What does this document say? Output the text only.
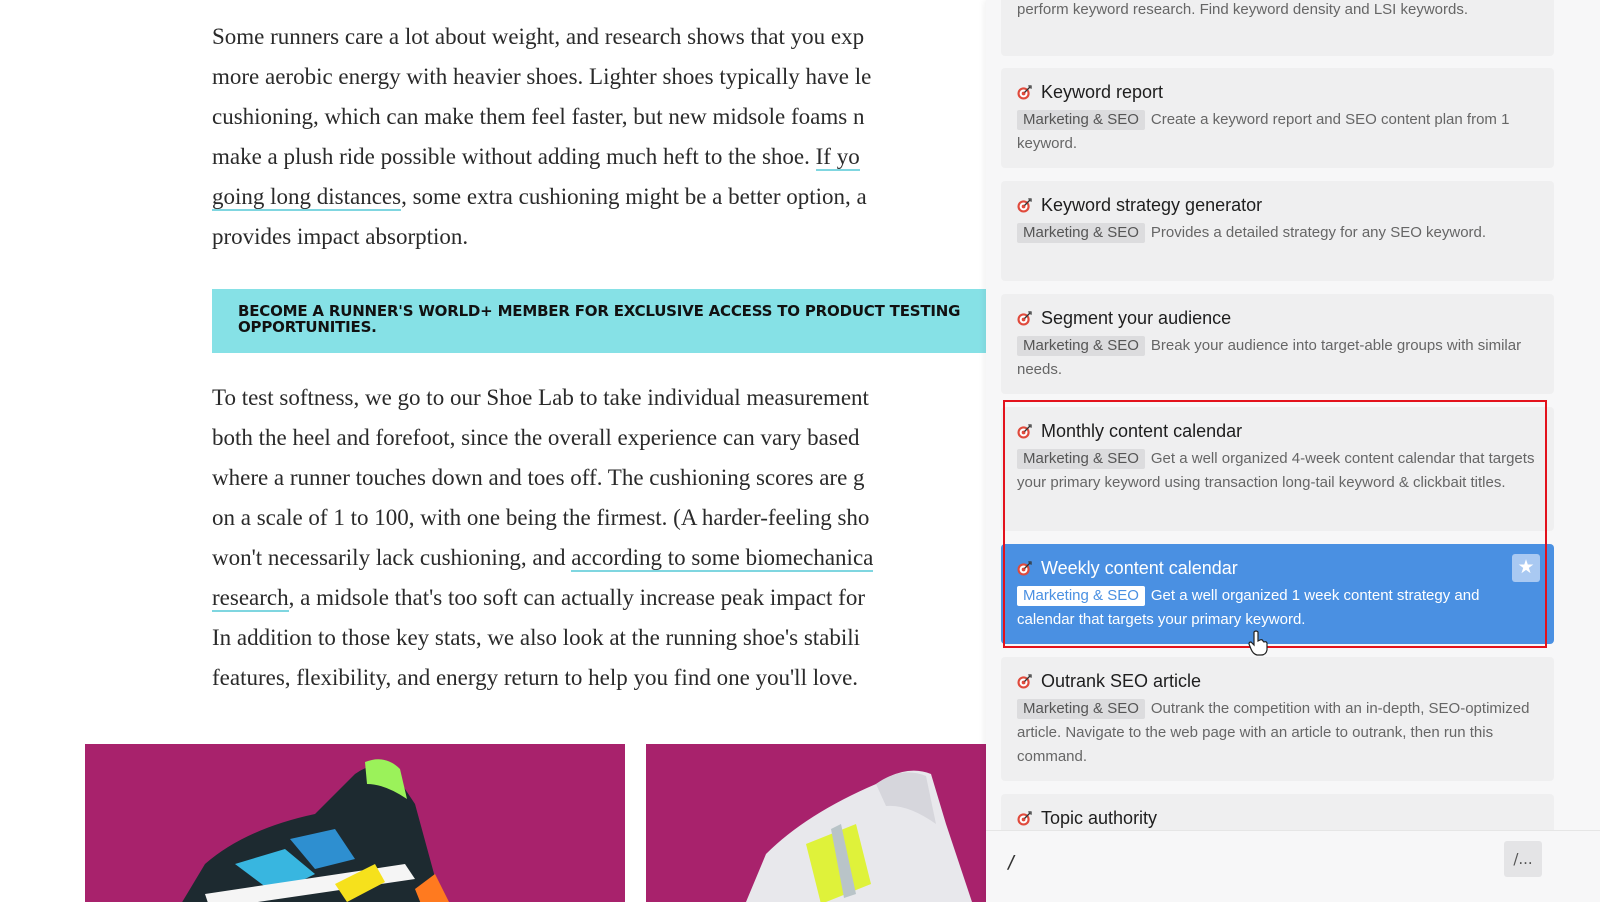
Some runners care a lot about weight, and research shows that you exp
more aerobic energy with heavier shoes. Lighter shoes typically have le
cushioning, which can make them feel faster, but new midsole foams n
make a plush ride possible without adding much heft to the shoe. If yo
going long distances, some extra cushioning might be a better option, a
provides impact absorption.

BECOME A RUNNER'S WORLD+ MEMBER FOR EXCLUSIVE ACCESS TO PRODUCT TESTING OPPORTUNITIES.

To test softness, we go to our Shoe Lab to take individual measurement
both the heel and forefoot, since the overall experience can vary based
where a runner touches down and toes off. The cushioning scores are g
on a scale of 1 to 100, with one being the firmest. (A harder-feeling sho
won't necessarily lack cushioning, and according to some biomechanica
research, a midsole that's too soft can actually increase peak impact for
In addition to those key stats, we also look at the running shoe's stabili
features, flexibility, and energy return to help you find one you'll love.

perform keyword research. Find keyword density and LSI keywords.
Keyword report
Marketing & SEO Create a keyword report and SEO content plan from 1 keyword.
Keyword strategy generator
Marketing & SEO Provides a detailed strategy for any SEO keyword.
Segment your audience
Marketing & SEO Break your audience into target-able groups with similar needs.
Monthly content calendar
Marketing & SEO Get a well organized 4-week content calendar that targets your primary keyword using transaction long-tail keyword & clickbait titles.
Weekly content calendar
Marketing & SEO Get a well organized 1 week content strategy and calendar that targets your primary keyword.
★
Outrank SEO article
Marketing & SEO Outrank the competition with an in-depth, SEO-optimized article. Navigate to the web page with an article to outrank, then run this command.
Topic authority
/
/...
